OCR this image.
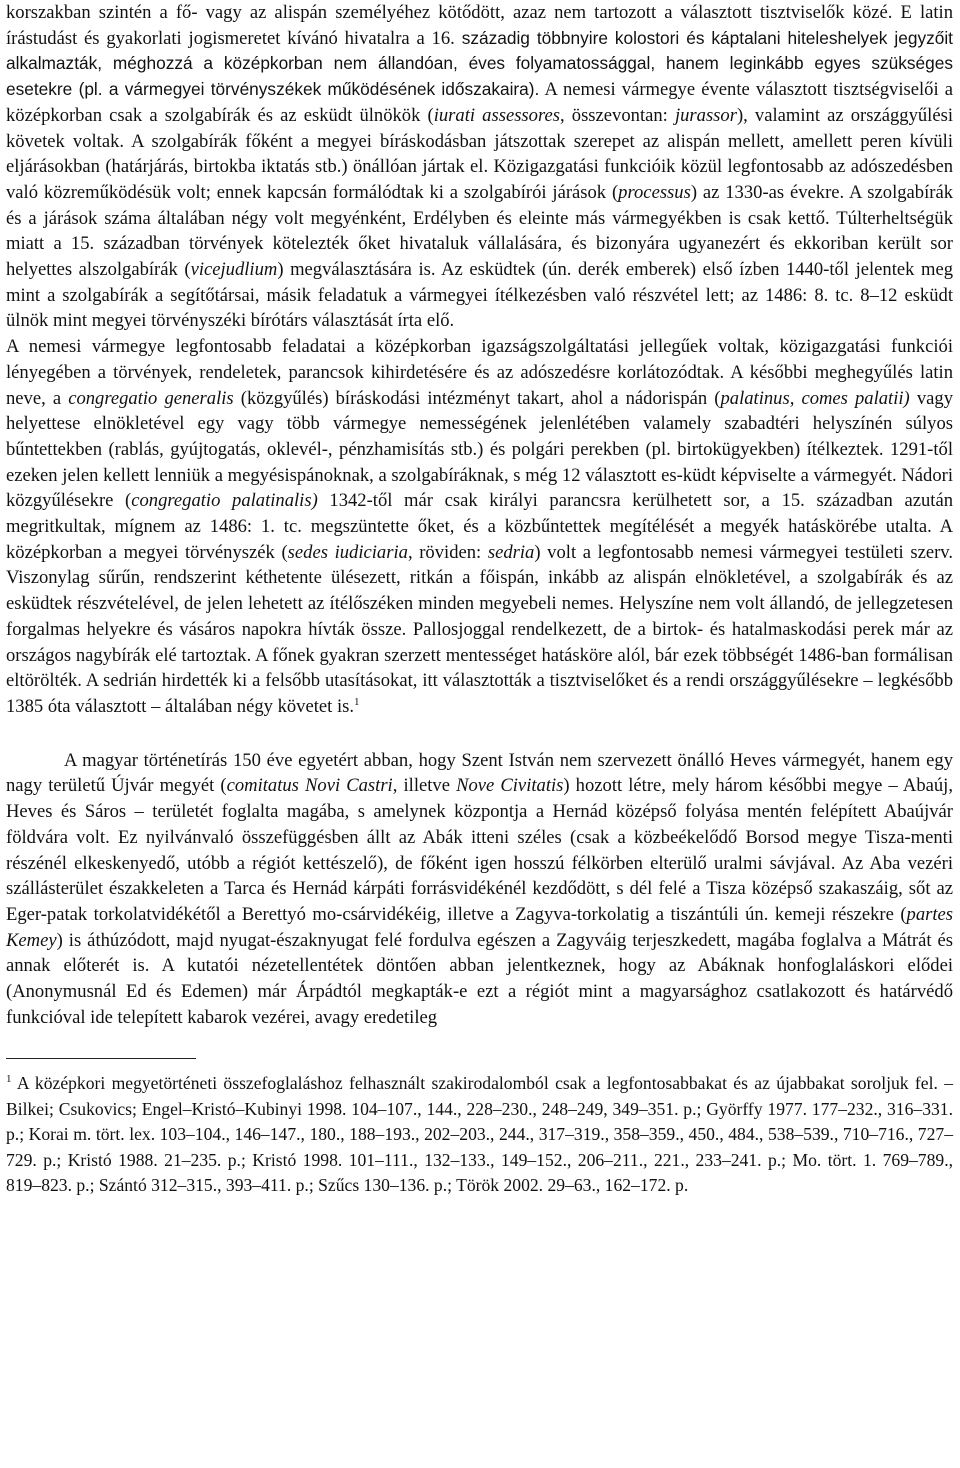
korszakban szintén a fő- vagy az alispán személyéhez kötődött, azaz nem tartozott a választott tisztviselők közé. E latin írástudást és gyakorlati jogismeretet kívánó hivatalra a 16. századig többnyire kolostori és káptalani hiteleshelyek jegyzőit alkalmazták, méghozzá a középkorban nem állandóan, éves folyamatossággal, hanem leginkább egyes szükséges esetekre (pl. a vármegyei törvényszékek működésének időszakaira). A nemesi vármegye évente választott tisztségviselői a középkorban csak a szolgabírák és az esküdt ülnökök (iurati assessores, összevontan: jurassor), valamint az országgyűlési követek voltak. A szolgabírák főként a megyei bíráskodásban játszottak szerepet az alispán mellett, amellett peren kívüli eljárásokban (határjárás, birtokba iktatás stb.) önállóan jártak el. Közigazgatási funkcióik közül legfontosabb az adószedésben való közreműködésük volt; ennek kapcsán formálódtak ki a szolgabírói járások (processus) az 1330-as évekre. A szolgabírák és a járások száma általában négy volt megyénként, Erdélyben és eleinte más vármegyékben is csak kettő. Túlterheltségük miatt a 15. században törvények kötelezték őket hivataluk vállalására, és bizonyára ugyanezért és ekkoriban került sor helyettes alszolgabírák (vicejudlium) megválasztására is. Az esküdtek (ún. derék emberek) első ízben 1440-től jelentek meg mint a szolgabírák a segítőtársai, másik feladatuk a vármegyei ítélkezésben való részvétel lett; az 1486: 8. tc. 8–12 esküdt ülnök mint megyei törvényszéki bírótárs választását írta elő.

A nemesi vármegye legfontosabb feladatai a középkorban igazságszolgáltatási jellegűek voltak, közigazgatási funkciói lényegében a törvények, rendeletek, parancsok kihirdetésére és az adószedésre korlátozódtak. A későbbi meghegyűlés latin neve, a congregatio generalis (közgyűlés) bíráskodási intézményt takart, ahol a nádorispán (palatinus, comes palatii) vagy helyettese elnökletével egy vagy több vármegye nemességének jelenlétében valamely szabadtéri helyszínén súlyos bűntettekben (rablás, gyújtogatás, oklevél-, pénzhamisítás stb.) és polgári perekben (pl. birtokügyekben) ítélkeztek. 1291-től ezeken jelen kellett lenniük a megyésispánoknak, a szolgabíráknak, s még 12 választott es-küdt képviselte a vármegyét. Nádori közgyűlésekre (congregatio palatinalis) 1342-től már csak királyi parancsra kerülhetett sor, a 15. században azután megritkultak, mígnem az 1486: 1. tc. megszüntette őket, és a közbűntettek megítélését a megyék hatáskörébe utalta. A középkorban a megyei törvényszék (sedes iudiciaria, röviden: sedria) volt a legfontosabb nemesi vármegyei testületi szerv. Viszonylag sűrűn, rendszerint kéthetente ülésezett, ritkán a főispán, inkább az alispán elnökletével, a szolgabírák és az esküdtek részvételével, de jelen lehetett az ítélőszéken minden megyebeli nemes. Helyszíne nem volt állandó, de jellegzetesen forgalmas helyekre és vásáros napokra hívták össze. Pallosjoggal rendelkezett, de a birtok- és hatalmaskodási perek már az országos nagybírák elé tartoztak. A főnek gyakran szerzett mentességet hatásköre alól, bár ezek többségét 1486-ban formálisan eltörölték. A sedrián hirdették ki a felsőbb utasításokat, itt választották a tisztviselőket és a rendi országgyűlésekre – legkésőbb 1385 óta választott – általában négy követet is.$^1$

A magyar történetírás 150 éve egyetért abban, hogy Szent István nem szervezett önálló Heves vármegyét, hanem egy nagy területű Újvár megyét (comitatus Novi Castri, illetve Nove Civitatis) hozott létre, mely három későbbi megye – Abaúj, Heves és Sáros – területét foglalta magába, s amelynek központja a Hernád középső folyása mentén felépített Abaújvár földvára volt. Ez nyilvánvaló összefüggésben állt az Abák itteni széles (csak a közbeékelődő Borsod megye Tisza-menti részénél elkeskenyedő, utóbb a régiót kettészelő), de főként igen hosszú félkörben elterülő uralmi sávjával. Az Aba vezéri szállásterület északkeleten a Tarca és Hernád kárpáti forrásvidékénél kezdődött, s dél felé a Tisza középső szakaszáig, sőt az Eger-patak torkolatvidékétől a Berettyó mo-csárvidékéig, illetve a Zagyva-torkolatig a tiszántúli ún. kemeji részekre (partes Kemey) is áthúzódott, majd nyugat-északnyugat felé fordulva egészen a Zagyváig terjeszkedett, magába foglalva a Mátrát és annak előterét is. A kutatói nézetellentétek döntően abban jelentkeznek, hogy az Abáknak honfoglaláskori elődei (Anonymusnál Ed és Edemen) már Árpádtól megkapták-e ezt a régiót mint a magyarsághoz csatlakozott és határvédő funkcióval ide telepített kabarok vezérei, avagy eredetileg

$^1$ A középkori megyetörténeti összefoglaláshoz felhasznált szakirodalomból csak a legfontosabbakat és az újabbakat soroljuk fel. – Bilkei; Csukovics; Engel–Kristó–Kubinyi 1998. 104–107., 144., 228–230., 248–249, 349–351. p.; Györffy 1977. 177–232., 316–331. p.; Korai m. tört. lex. 103–104., 146–147., 180., 188–193., 202–203., 244., 317–319., 358–359., 450., 484., 538–539., 710–716., 727–729. p.; Kristó 1988. 21–235. p.; Kristó 1998. 101–111., 132–133., 149–152., 206–211., 221., 233–241. p.; Mo. tört. 1. 769–789., 819–823. p.; Szántó 312–315., 393–411. p.; Szűcs 130–136. p.; Török 2002. 29–63., 162–172. p.
